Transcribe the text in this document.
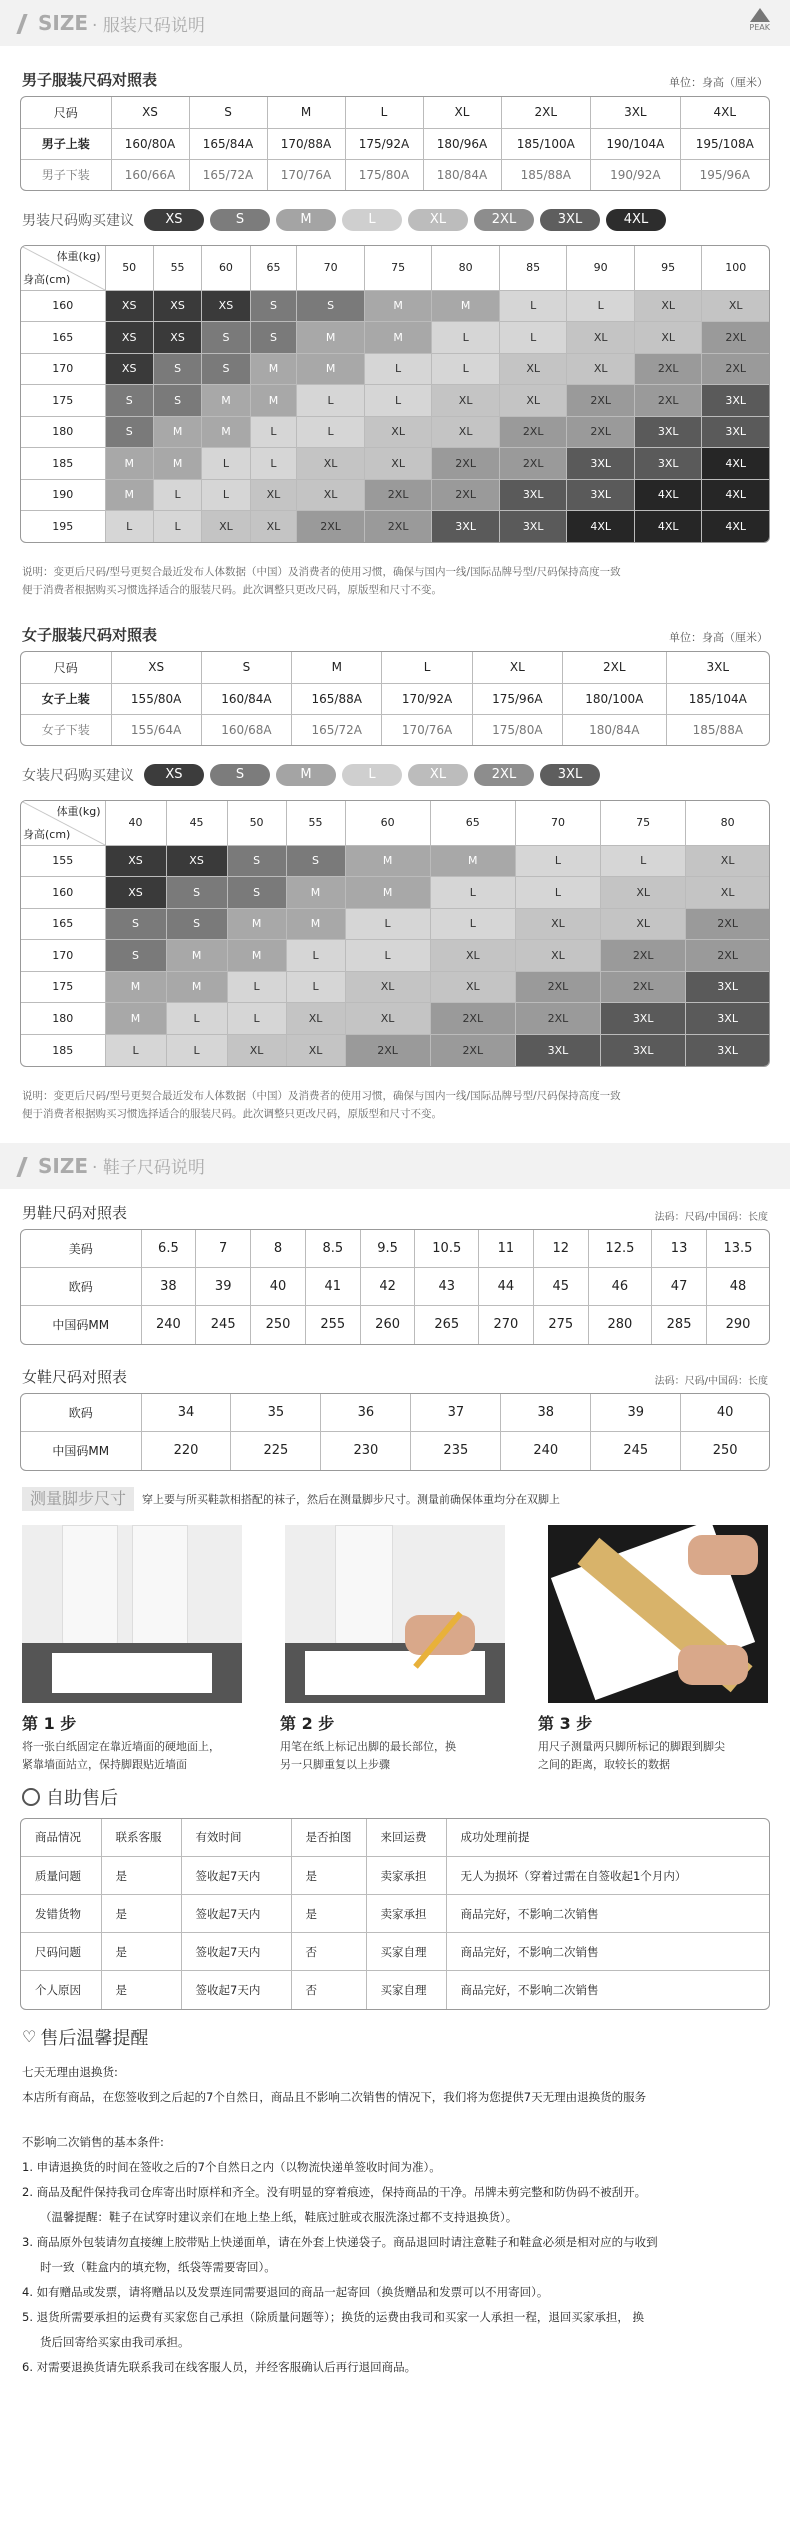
SIZE · 服装尺码说明	PEAK
男子服装尺码对照表	单位：身高（厘米）
尺码	XS	S	M	L	XL	2XL	3XL	4XL
男子上装	160/80A	165/84A	170/88A	175/92A	180/96A	185/100A	190/104A	195/108A
男子下装	160/66A	165/72A	170/76A	175/80A	180/84A	185/88A	190/92A	195/96A
男装尺码购买建议	XS	S	M	L	XL	2XL	3XL	4XL
体重(kg)
身高(cm)	50	55	60	65	70	75	80	85	90	95	100
160	XS	XS	XS	S	S	M	M	L	L	XL	XL
165	XS	XS	S	S	M	M	L	L	XL	XL	2XL
170	XS	S	S	M	M	L	L	XL	XL	2XL	2XL
175	S	S	M	M	L	L	XL	XL	2XL	2XL	3XL
180	S	M	M	L	L	XL	XL	2XL	2XL	3XL	3XL
185	M	M	L	L	XL	XL	2XL	2XL	3XL	3XL	4XL
190	M	L	L	XL	XL	2XL	2XL	3XL	3XL	4XL	4XL
195	L	L	XL	XL	2XL	2XL	3XL	3XL	4XL	4XL	4XL
说明：变更后尺码/型号更契合最近发布人体数据（中国）及消费者的使用习惯，确保与国内一线/国际品牌号型/尺码保持高度一致
便于消费者根据购买习惯选择适合的服装尺码。此次调整只更改尺码，原版型和尺寸不变。
女子服装尺码对照表	单位：身高（厘米）
尺码	XS	S	M	L	XL	2XL	3XL
女子上装	155/80A	160/84A	165/88A	170/92A	175/96A	180/100A	185/104A
女子下装	155/64A	160/68A	165/72A	170/76A	175/80A	180/84A	185/88A
女装尺码购买建议	XS	S	M	L	XL	2XL	3XL
体重(kg)
身高(cm)	40	45	50	55	60	65	70	75	80
155	XS	XS	S	S	M	M	L	L	XL
160	XS	S	S	M	M	L	L	XL	XL
165	S	S	M	M	L	L	XL	XL	2XL
170	S	M	M	L	L	XL	XL	2XL	2XL
175	M	M	L	L	XL	XL	2XL	2XL	3XL
180	M	L	L	XL	XL	2XL	2XL	3XL	3XL
185	L	L	XL	XL	2XL	2XL	3XL	3XL	3XL
说明：变更后尺码/型号更契合最近发布人体数据（中国）及消费者的使用习惯，确保与国内一线/国际品牌号型/尺码保持高度一致
便于消费者根据购买习惯选择适合的服装尺码。此次调整只更改尺码，原版型和尺寸不变。
SIZE · 鞋子尺码说明
男鞋尺码对照表	法码：尺码/中国码：长度
美码	6.5	7	8	8.5	9.5	10.5	11	12	12.5	13	13.5
欧码	38	39	40	41	42	43	44	45	46	47	48
中国码MM	240	245	250	255	260	265	270	275	280	285	290
女鞋尺码对照表	法码：尺码/中国码：长度
欧码	34	35	36	37	38	39	40
中国码MM	220	225	230	235	240	245	250
测量脚步尺寸	穿上要与所买鞋款相搭配的袜子，然后在测量脚步尺寸。测量前确保体重均分在双脚上
第 1 步
将一张白纸固定在靠近墙面的硬地面上，
紧靠墙面站立，保持脚跟贴近墙面
第 2 步
用笔在纸上标记出脚的最长部位，换
另一只脚重复以上步骤
第 3 步
用尺子测量两只脚所标记的脚跟到脚尖
之间的距离，取较长的数据
自助售后
商品情况	联系客服	有效时间	是否拍图	来回运费	成功处理前提
质量问题	是	签收起7天内	是	卖家承担	无人为损坏（穿着过需在自签收起1个月内）
发错货物	是	签收起7天内	是	卖家承担	商品完好，不影响二次销售
尺码问题	是	签收起7天内	否	买家自理	商品完好，不影响二次销售
个人原因	是	签收起7天内	否	买家自理	商品完好，不影响二次销售
♡ 售后温馨提醒
七天无理由退换货:
本店所有商品，在您签收到之后起的7个自然日，商品且不影响二次销售的情况下，我们将为您提供7天无理由退换货的服务
不影响二次销售的基本条件:
1. 申请退换货的时间在签收之后的7个自然日之内（以物流快递单签收时间为准）。
2. 商品及配件保持我司仓库寄出时原样和齐全。没有明显的穿着痕迹，保持商品的干净。吊牌未剪完整和防伪码不被刮开。
（温馨提醒：鞋子在试穿时建议亲们在地上垫上纸，鞋底过脏或衣服洗涤过都不支持退换货）。
3. 商品原外包装请勿直接缠上胶带贴上快递面单，请在外套上快递袋子。商品退回时请注意鞋子和鞋盒必须是相对应的与收到
时一致（鞋盒内的填充物，纸袋等需要寄回）。
4. 如有赠品或发票，请将赠品以及发票连同需要退回的商品一起寄回（换货赠品和发票可以不用寄回）。
5. 退货所需要承担的运费有买家您自己承担（除质量问题等）；换货的运费由我司和买家一人承担一程，退回买家承担， 换
货后回寄给买家由我司承担。
6. 对需要退换货请先联系我司在线客服人员，并经客服确认后再行退回商品。
